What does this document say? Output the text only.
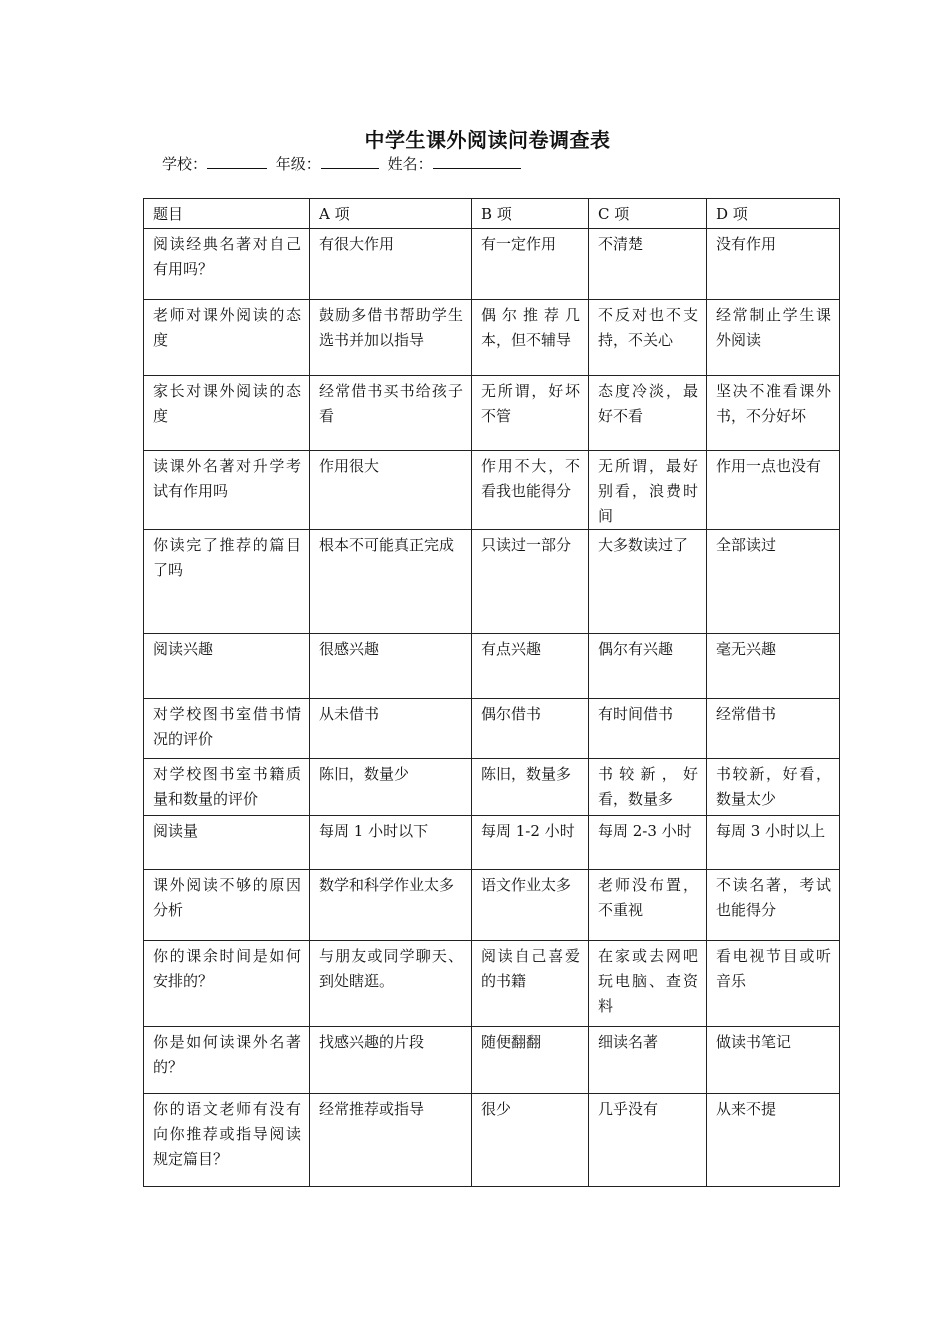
中学生课外阅读问卷调查表
学校：	年级：	姓名：
题目	A 项	B 项	C 项	D 项
阅读经典名著对自己有用吗？	有很大作用	有一定作用	不清楚	没有作用
老师对课外阅读的态度	鼓励多借书帮助学生选书并加以指导	偶尔推荐几本，但不辅导	不反对也不支持，不关心	经常制止学生课外阅读
家长对课外阅读的态度	经常借书买书给孩子看	无所谓，好坏不管	态度冷淡，最好不看	坚决不准看课外书，不分好坏
读课外名著对升学考试有作用吗	作用很大	作用不大，不看我也能得分	无所谓，最好别看，浪费时间	作用一点也没有
你读完了推荐的篇目了吗	根本不可能真正完成	只读过一部分	大多数读过了	全部读过
阅读兴趣	很感兴趣	有点兴趣	偶尔有兴趣	毫无兴趣
对学校图书室借书情况的评价	从未借书	偶尔借书	有时间借书	经常借书
对学校图书室书籍质量和数量的评价	陈旧，数量少	陈旧，数量多	书较新，好看，数量多	书较新，好看，数量太少
阅读量	每周 1 小时以下	每周 1-2 小时	每周 2-3 小时	每周 3 小时以上
课外阅读不够的原因分析	数学和科学作业太多	语文作业太多	老师没布置，不重视	不读名著，考试也能得分
你的课余时间是如何安排的？	与朋友或同学聊天、到处瞎逛。	阅读自己喜爱的书籍	在家或去网吧玩电脑、查资料	看电视节目或听音乐
你是如何读课外名著的？	找感兴趣的片段	随便翻翻	细读名著	做读书笔记
你的语文老师有没有向你推荐或指导阅读规定篇目？	经常推荐或指导	很少	几乎没有	从来不提
